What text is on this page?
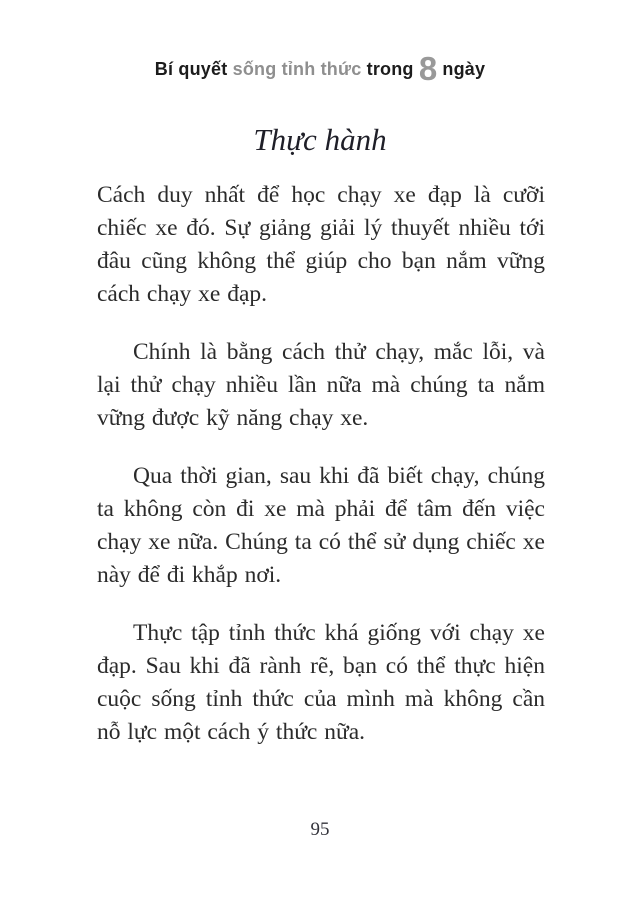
Bí quyết sống tỉnh thức trong 8 ngày
Thực hành

Cách duy nhất để học chạy xe đạp là cưỡi chiếc xe đó. Sự giảng giải lý thuyết nhiều tới đâu cũng không thể giúp cho bạn nắm vững cách chạy xe đạp.

Chính là bằng cách thử chạy, mắc lỗi, và lại thử chạy nhiều lần nữa mà chúng ta nắm vững được kỹ năng chạy xe.

Qua thời gian, sau khi đã biết chạy, chúng ta không còn đi xe mà phải để tâm đến việc chạy xe nữa. Chúng ta có thể sử dụng chiếc xe này để đi khắp nơi.

Thực tập tỉnh thức khá giống với chạy xe đạp. Sau khi đã rành rẽ, bạn có thể thực hiện cuộc sống tỉnh thức của mình mà không cần nỗ lực một cách ý thức nữa.

95
